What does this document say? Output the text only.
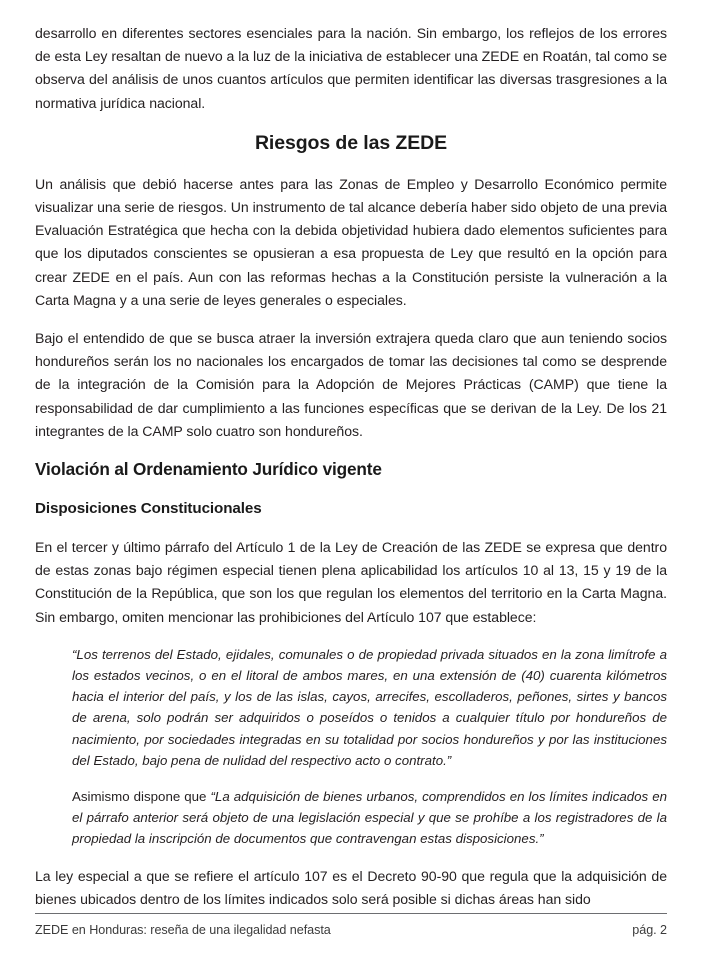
desarrollo en diferentes sectores esenciales para la nación. Sin embargo, los reflejos de los errores de esta Ley resaltan de nuevo a la luz de la iniciativa de establecer una ZEDE en Roatán, tal como se observa del análisis de unos cuantos artículos que permiten identificar las diversas trasgresiones a la normativa jurídica nacional.

Riesgos de las ZEDE

Un análisis que debió hacerse antes para las Zonas de Empleo y Desarrollo Económico permite visualizar una serie de riesgos. Un instrumento de tal alcance debería haber sido objeto de una previa Evaluación Estratégica que hecha con la debida objetividad hubiera dado elementos suficientes para que los diputados conscientes se opusieran a esa propuesta de Ley que resultó en la opción para crear ZEDE en el país. Aun con las reformas hechas a la Constitución persiste la vulneración a la Carta Magna y a una serie de leyes generales o especiales.

Bajo el entendido de que se busca atraer la inversión extrajera queda claro que aun teniendo socios hondureños serán los no nacionales los encargados de tomar las decisiones tal como se desprende de la integración de la Comisión para la Adopción de Mejores Prácticas (CAMP) que tiene la responsabilidad de dar cumplimiento a las funciones específicas que se derivan de la Ley. De los 21 integrantes de la CAMP solo cuatro son hondureños.

Violación al Ordenamiento Jurídico vigente
Disposiciones Constitucionales

En el tercer y último párrafo del Artículo 1 de la Ley de Creación de las ZEDE se expresa que dentro de estas zonas bajo régimen especial tienen plena aplicabilidad los artículos 10 al 13, 15 y 19 de la Constitución de la República, que son los que regulan los elementos del territorio en la Carta Magna. Sin embargo, omiten mencionar las prohibiciones del Artículo 107 que establece:

“Los terrenos del Estado, ejidales, comunales o de propiedad privada situados en la zona limítrofe a los estados vecinos, o en el litoral de ambos mares, en una extensión de (40) cuarenta kilómetros hacia el interior del país, y los de las islas, cayos, arrecifes, escolladeros, peñones, sirtes y bancos de arena, solo podrán ser adquiridos o poseídos o tenidos a cualquier título por hondureños de nacimiento, por sociedades integradas en su totalidad por socios hondureños y por las instituciones del Estado, bajo pena de nulidad del respectivo acto o contrato.”
Asimismo dispone que “La adquisición de bienes urbanos, comprendidos en los límites indicados en el párrafo anterior será objeto de una legislación especial y que se prohíbe a los registradores de la propiedad la inscripción de documentos que contravengan estas disposiciones.”

La ley especial a que se refiere el artículo 107 es el Decreto 90-90 que regula que la adquisición de bienes ubicados dentro de los límites indicados solo será posible si dichas áreas han sido

ZEDE en Honduras: reseña de una ilegalidad nefasta	pág. 2
